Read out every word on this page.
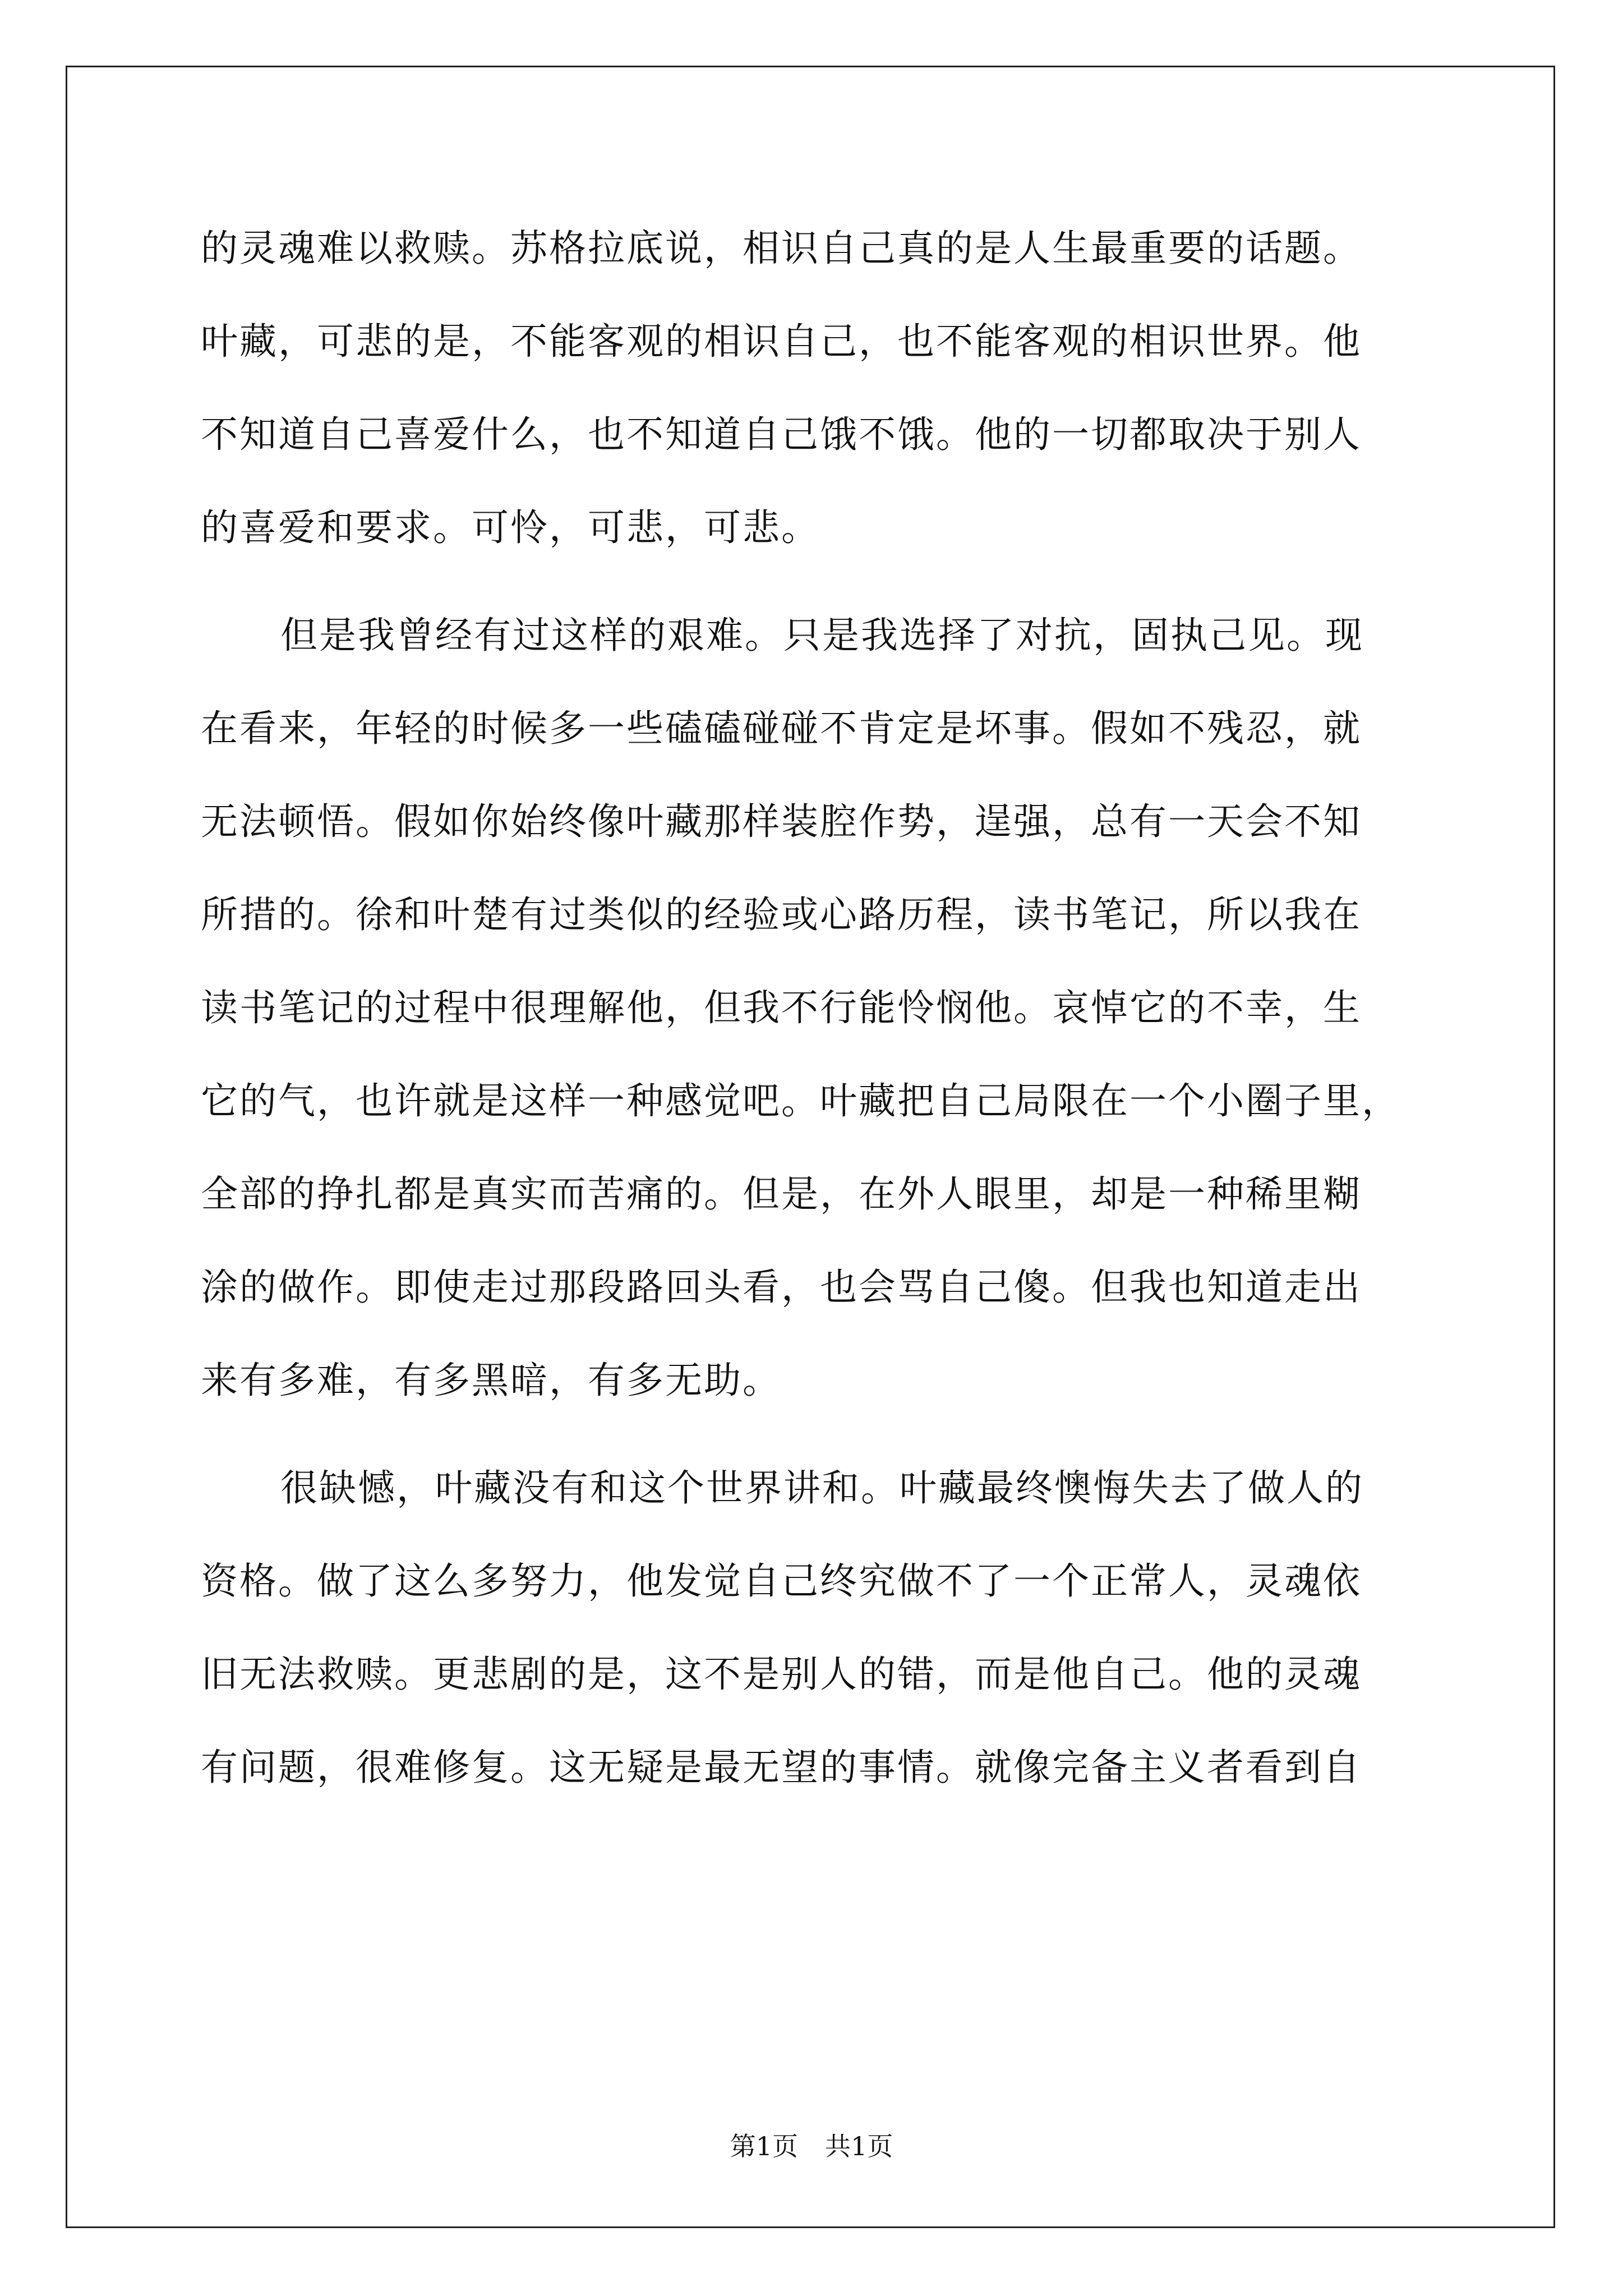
的灵魂难以救赎。苏格拉底说，相识自己真的是人生最重要的话题。
叶藏，可悲的是，不能客观的相识自己，也不能客观的相识世界。他
不知道自己喜爱什么，也不知道自己饿不饿。他的一切都取决于别人
的喜爱和要求。可怜，可悲，可悲。
但是我曾经有过这样的艰难。只是我选择了对抗，固执己见。现
在看来，年轻的时候多一些磕磕碰碰不肯定是坏事。假如不残忍，就
无法顿悟。假如你始终像叶藏那样装腔作势，逞强，总有一天会不知
所措的。徐和叶楚有过类似的经验或心路历程，读书笔记，所以我在
读书笔记的过程中很理解他，但我不行能怜悯他。哀悼它的不幸，生
它的气，也许就是这样一种感觉吧。叶藏把自己局限在一个小圈子里，
全部的挣扎都是真实而苦痛的。但是，在外人眼里，却是一种稀里糊
涂的做作。即使走过那段路回头看，也会骂自己傻。但我也知道走出
来有多难，有多黑暗，有多无助。
很缺憾，叶藏没有和这个世界讲和。叶藏最终懊悔失去了做人的
资格。做了这么多努力，他发觉自己终究做不了一个正常人，灵魂依
旧无法救赎。更悲剧的是，这不是别人的错，而是他自己。他的灵魂
有问题，很难修复。这无疑是最无望的事情。就像完备主义者看到自
第1页 共1页
